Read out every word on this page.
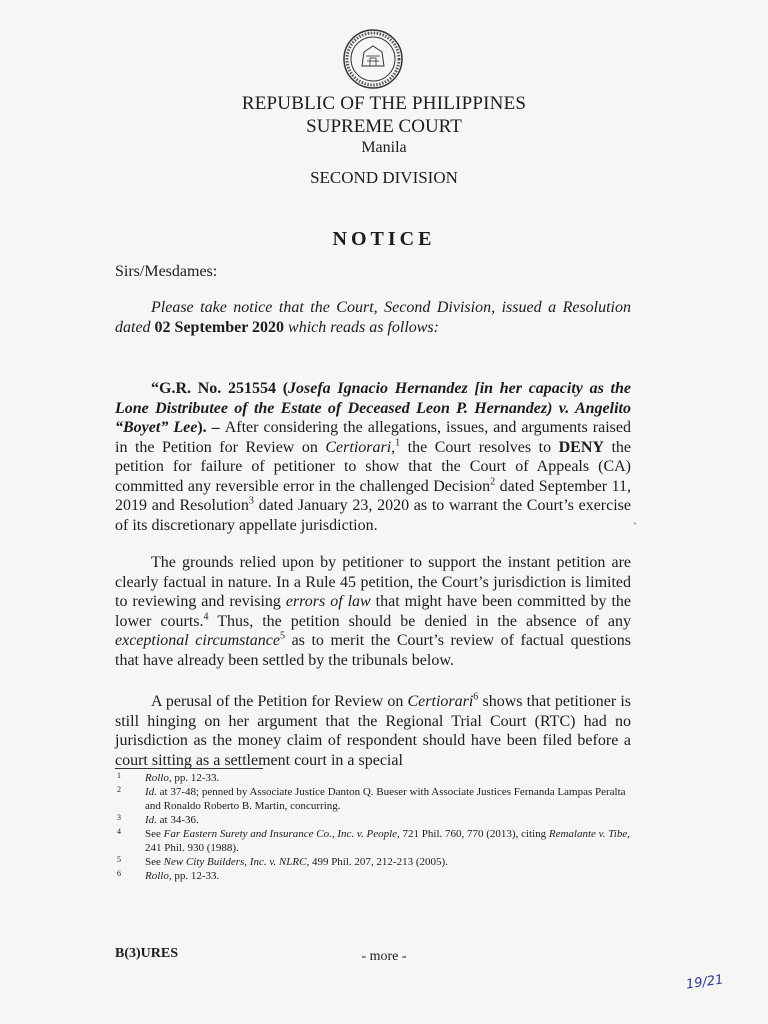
REPUBLIC OF THE PHILIPPINES
SUPREME COURT
Manila
SECOND DIVISION
NOTICE
Sirs/Mesdames:
Please take notice that the Court, Second Division, issued a Resolution dated 02 September 2020 which reads as follows:
“G.R. No. 251554 (Josefa Ignacio Hernandez [in her capacity as the Lone Distributee of the Estate of Deceased Leon P. Hernandez) v. Angelito “Boyet” Lee). – After considering the allegations, issues, and arguments raised in the Petition for Review on Certiorari,$^1$ the Court resolves to DENY the petition for failure of petitioner to show that the Court of Appeals (CA) committed any reversible error in the challenged Decision$^2$ dated September 11, 2019 and Resolution$^3$ dated January 23, 2020 as to warrant the Court’s exercise of its discretionary appellate jurisdiction.	`
The grounds relied upon by petitioner to support the instant petition are clearly factual in nature. In a Rule 45 petition, the Court’s jurisdiction is limited to reviewing and revising errors of law that might have been committed by the lower courts.$^4$ Thus, the petition should be denied in the absence of any exceptional circumstance$^5$ as to merit the Court’s review of factual questions that have already been settled by the tribunals below.
A perusal of the Petition for Review on Certiorari$^6$ shows that petitioner is still hinging on her argument that the Regional Trial Court (RTC) had no jurisdiction as the money claim of respondent should have been filed before a court sitting as a settlement court in a special
1 Rollo, pp. 12-33.
2 Id. at 37-48; penned by Associate Justice Danton Q. Bueser with Associate Justices Fernanda Lampas Peralta and Ronaldo Roberto B. Martin, concurring.
3 Id. at 34-36.
4 See Far Eastern Surety and Insurance Co., Inc. v. People, 721 Phil. 760, 770 (2013), citing Remalante v. Tibe, 241 Phil. 930 (1988).
5 See New City Builders, Inc. v. NLRC, 499 Phil. 207, 212-213 (2005).
6 Rollo, pp. 12-33.
B(3)URES	- more -
19/21
